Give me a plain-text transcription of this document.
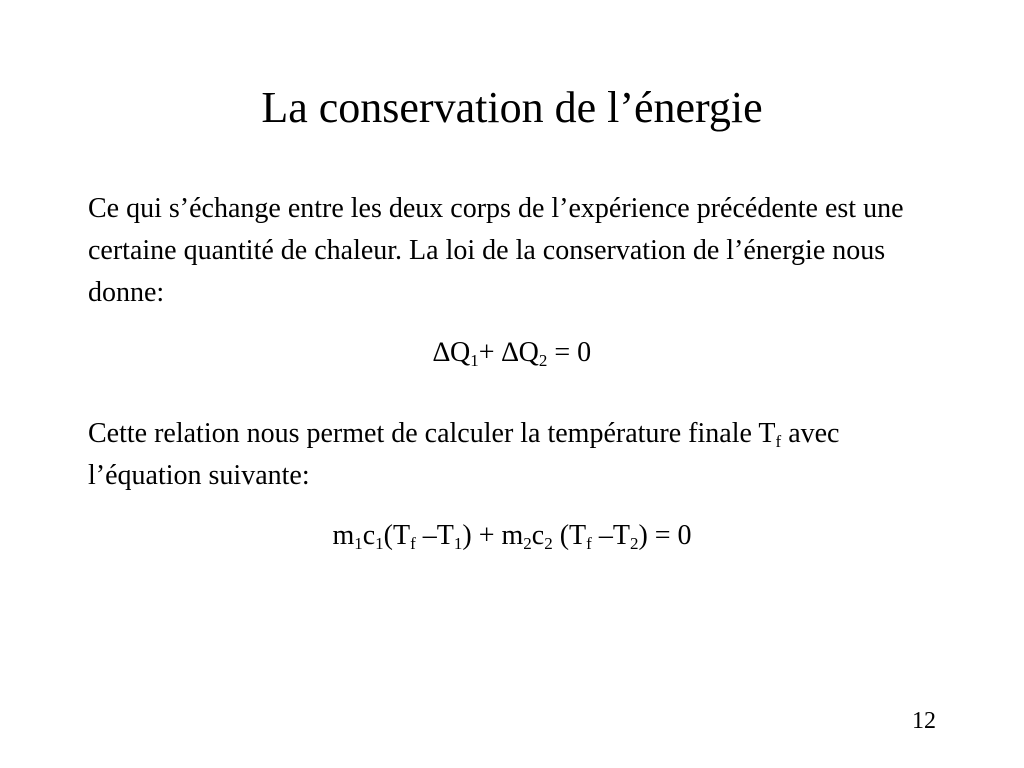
La conservation de l’énergie

Ce qui s’échange entre les deux corps de l’expérience précédente est une certaine quantité de chaleur. La loi de la conservation de l’énergie nous donne:

$\Delta Q_1+ \Delta Q_2 = 0$

Cette relation nous permet de calculer la température finale $T_f$ avec l’équation suivante:

$m_1c_1(T_f$ $-T_1) + m_2c_2$ ($T_f$ $-T_2) = 0$

12
